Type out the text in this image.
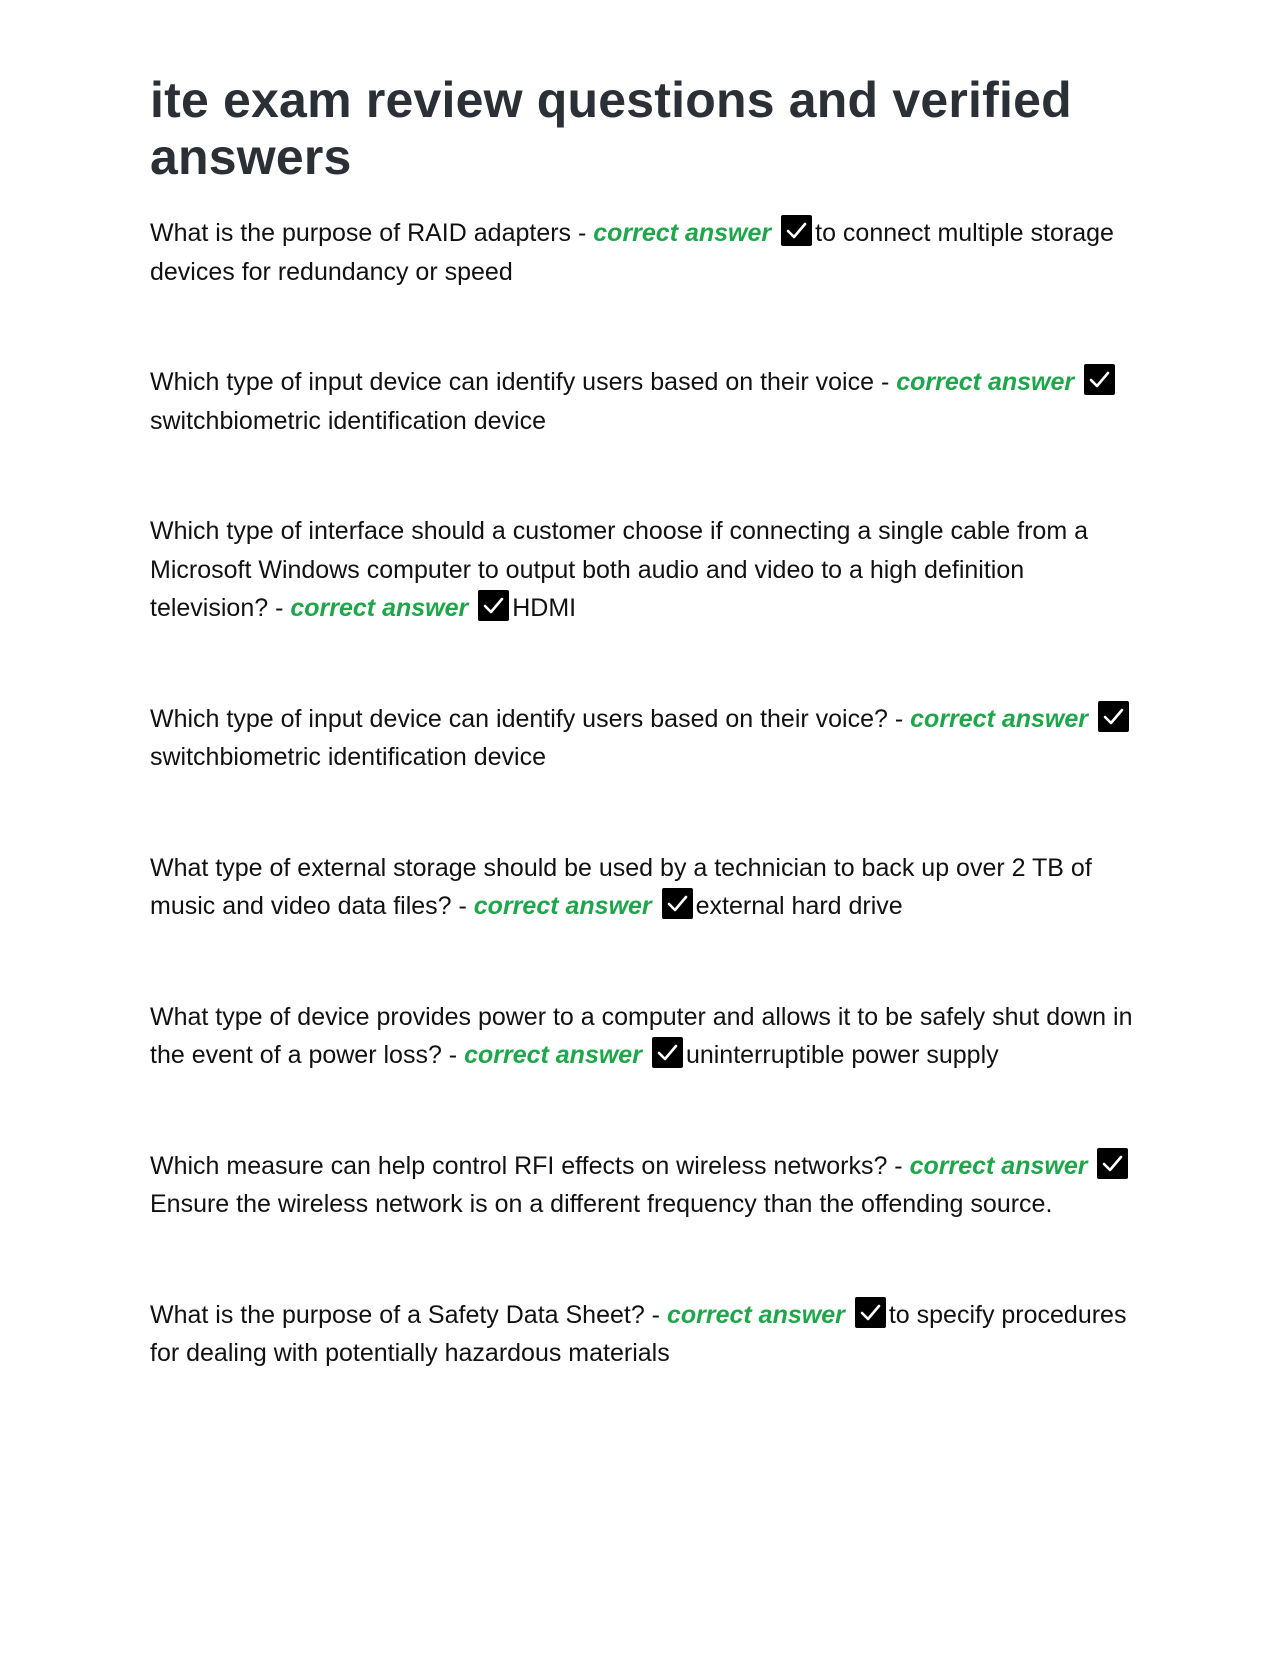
ite exam review questions and verified answers
What is the purpose of RAID adapters - correct answer to connect multiple storage devices for redundancy or speed
Which type of input device can identify users based on their voice - correct answer
switchbiometric identification device
Which type of interface should a customer choose if connecting a single cable from a Microsoft Windows computer to output both audio and video to a high definition television? - correct answer HDMI
Which type of input device can identify users based on their voice? - correct answer
switchbiometric identification device
What type of external storage should be used by a technician to back up over 2 TB of music and video data files? - correct answer external hard drive
What type of device provides power to a computer and allows it to be safely shut down in the event of a power loss? - correct answer uninterruptible power supply
Which measure can help control RFI effects on wireless networks? - correct answer
Ensure the wireless network is on a different frequency than the offending source.
What is the purpose of a Safety Data Sheet? - correct answer to specify procedures for dealing with potentially hazardous materials
